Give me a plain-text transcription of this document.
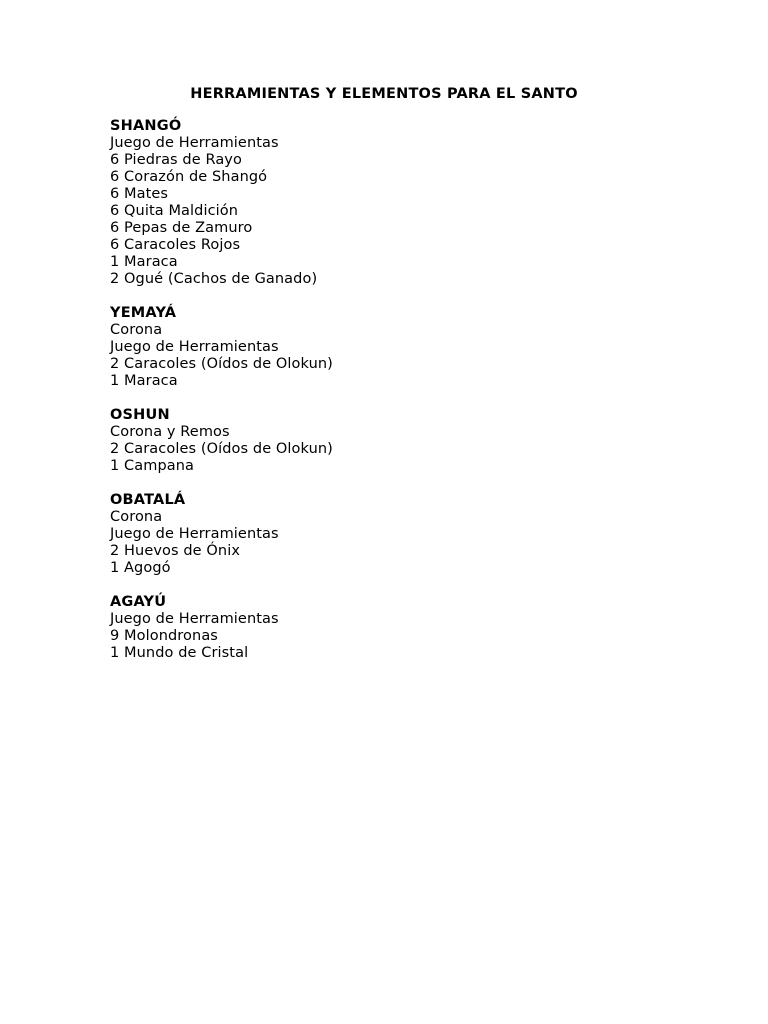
HERRAMIENTAS Y ELEMENTOS PARA EL SANTO
SHANGÓ
Juego de Herramientas
6 Piedras de Rayo
6 Corazón de Shangó
6 Mates
6 Quita Maldición
6 Pepas de Zamuro
6 Caracoles Rojos
1 Maraca
2 Ogué (Cachos de Ganado)
YEMAYÁ
Corona
Juego de Herramientas
2 Caracoles (Oídos de Olokun)
1 Maraca
OSHUN
Corona y Remos
2 Caracoles (Oídos de Olokun)
1 Campana
OBATALÁ
Corona
Juego de Herramientas
2 Huevos de Ónix
1 Agogó
AGAYÚ
Juego de Herramientas
9 Molondronas
1 Mundo de Cristal
